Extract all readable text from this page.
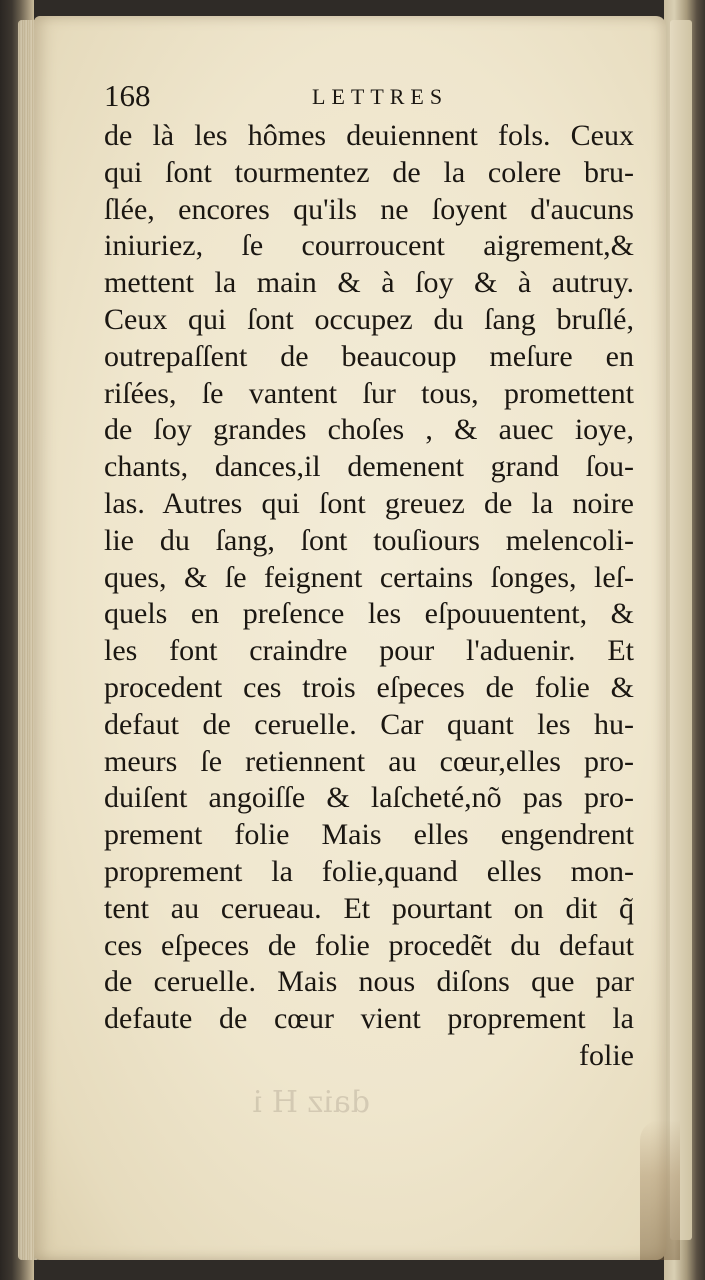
daiz H i
168	LETTRES
de là les hômes deuiennent fols. Ceux
qui ſont tourmentez de la colere bru-
ſlée, encores qu'ils ne ſoyent d'aucuns
iniuriez, ſe courroucent aigrement,&
mettent la main & à ſoy & à autruy.
Ceux qui ſont occupez du ſang bruſlé,
outrepaſſent de beaucoup meſure en
riſées, ſe vantent ſur tous, promettent
de ſoy grandes choſes , & auec ioye,
chants, dances,il demenent grand ſou-
las. Autres qui ſont greuez de la noire
lie du ſang, ſont touſiours melencoli-
ques, & ſe feignent certains ſonges, leſ-
quels en preſence les eſpouuentent, &
les font craindre pour l'aduenir. Et
procedent ces trois eſpeces de folie &
defaut de ceruelle. Car quant les hu-
meurs ſe retiennent au cœur,elles pro-
duiſent angoiſſe & laſcheté,nõ pas pro-
prement folie Mais elles engendrent
proprement la folie,quand elles mon-
tent au cerueau. Et pourtant on dit q̃
ces eſpeces de folie procedẽt du defaut
de ceruelle. Mais nous diſons que par
defaute de cœur vient proprement la
folie
